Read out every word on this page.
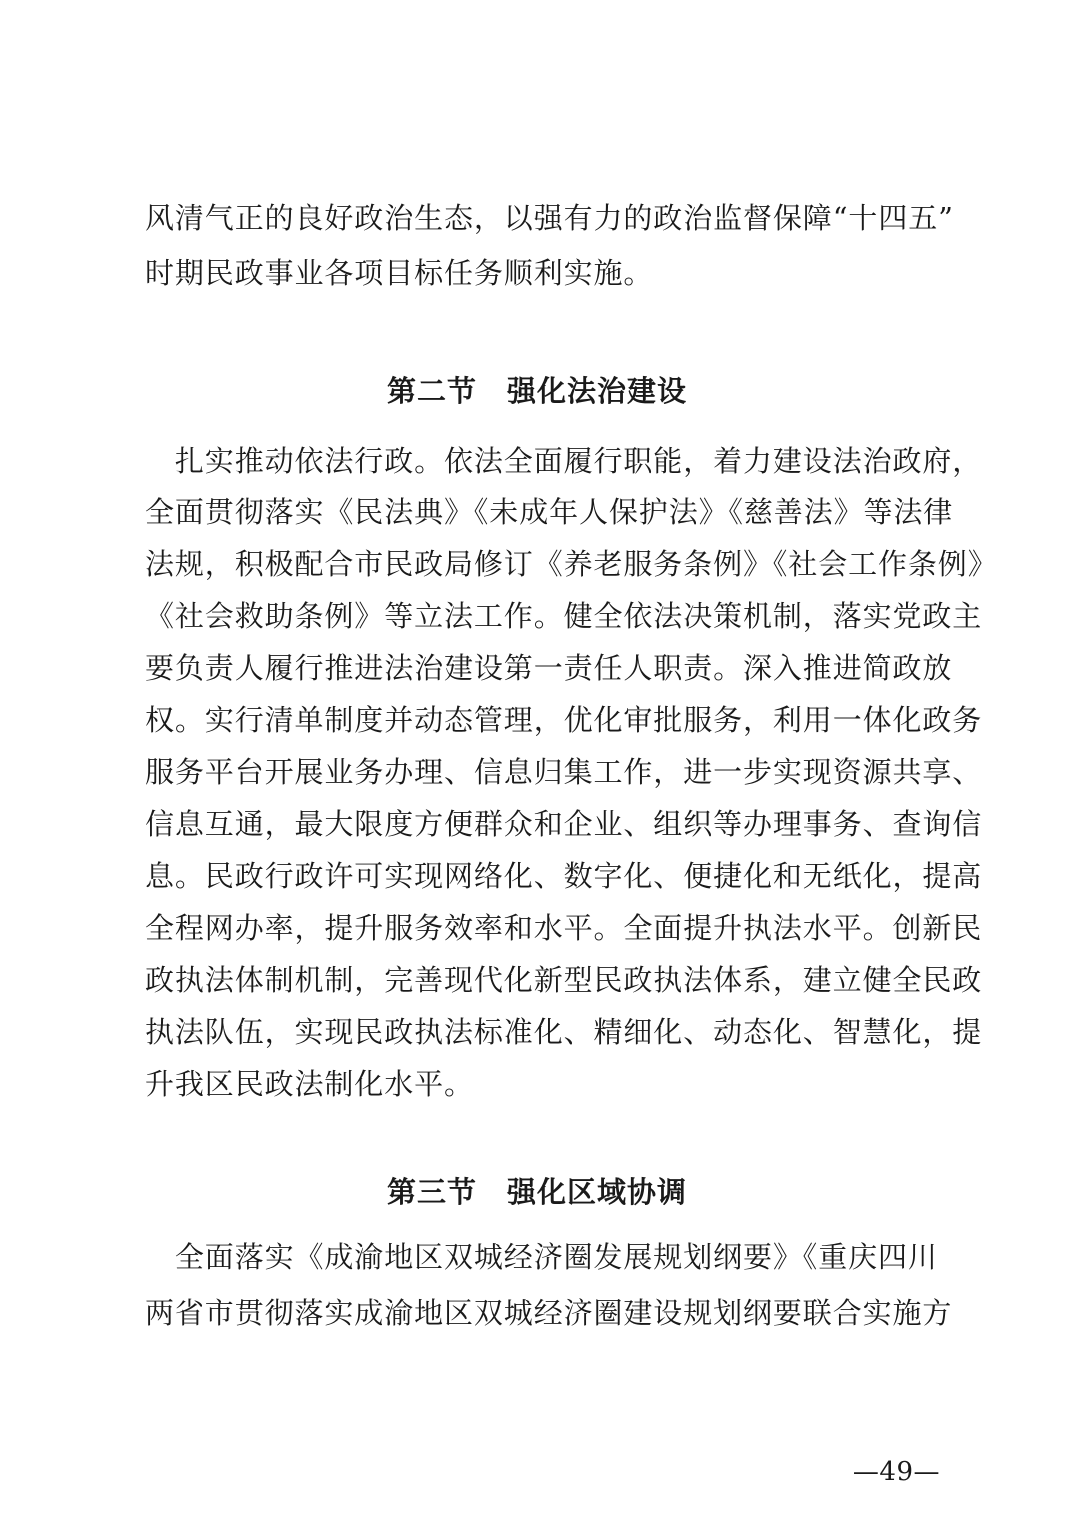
风清气正的良好政治生态，以强有力的政治监督保障“十四五”
时期民政事业各项目标任务顺利实施。
第二节　强化法治建设
　扎实推动依法行政。依法全面履行职能，着力建设法治政府，
全面贯彻落实《民法典》《未成年人保护法》《慈善法》等法律
法规，积极配合市民政局修订《养老服务条例》《社会工作条例》
《社会救助条例》等立法工作。健全依法决策机制，落实党政主
要负责人履行推进法治建设第一责任人职责。深入推进简政放
权。实行清单制度并动态管理，优化审批服务，利用一体化政务
服务平台开展业务办理、信息归集工作，进一步实现资源共享、
信息互通，最大限度方便群众和企业、组织等办理事务、查询信
息。民政行政许可实现网络化、数字化、便捷化和无纸化，提高
全程网办率，提升服务效率和水平。全面提升执法水平。创新民
政执法体制机制，完善现代化新型民政执法体系，建立健全民政
执法队伍，实现民政执法标准化、精细化、动态化、智慧化，提
升我区民政法制化水平。
第三节　强化区域协调
　全面落实《成渝地区双城经济圈发展规划纲要》《重庆四川
两省市贯彻落实成渝地区双城经济圈建设规划纲要联合实施方
—49—
